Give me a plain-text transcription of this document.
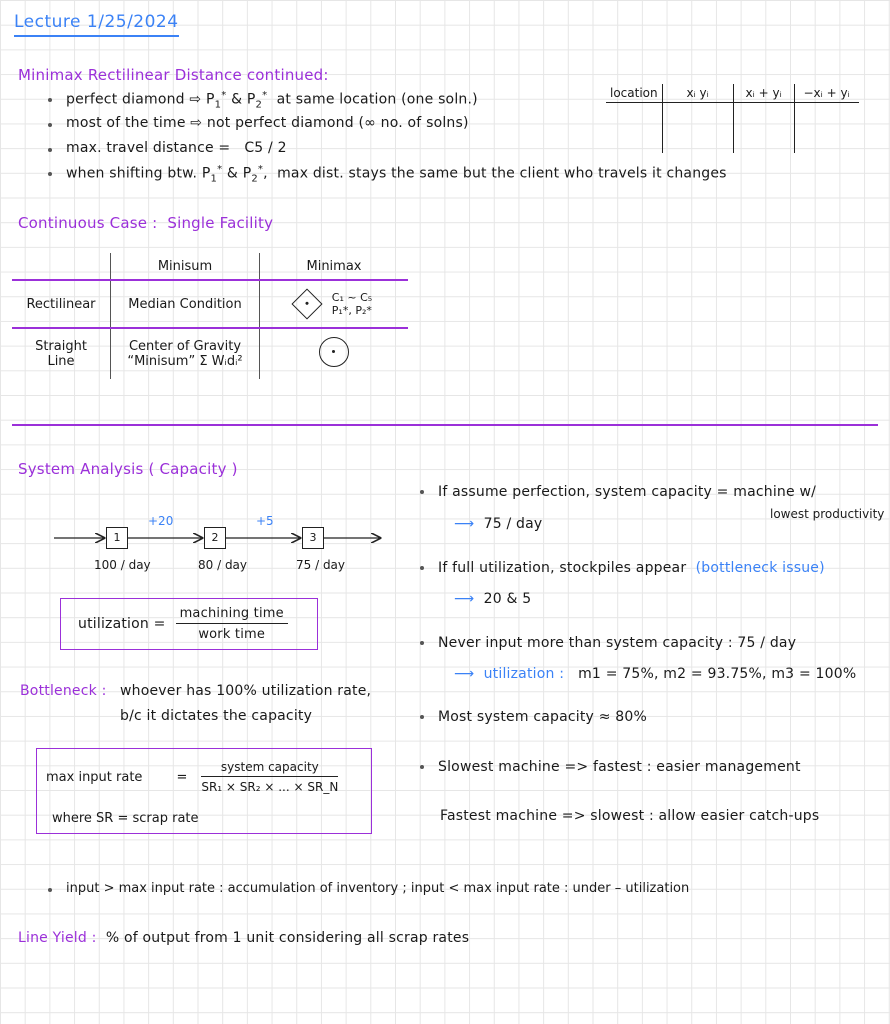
Lecture 1/25/2024
Minimax Rectilinear Distance continued:
perfect diamond ⇨ $P_1^*$ & $P_2^*$ at same location (one soln.)
most of the time ⇨ not perfect diamond (∞ no. of solns)
max. travel distance = C5 / 2
when shifting btw. $P_1^*$ & $P_2^*$, max dist. stays the same but the client who travels it changes
location	xᵢ yᵢ	xᵢ + yᵢ	−xᵢ + yᵢ

Continuous Case : Single Facility
	Minisum	Minimax
Rectilinear	Median Condition	C₁ ~ C₅
P₁*, P₂*

Straight
Line	Center of Gravity
“Minisum” Σ Wᵢdᵢ²	

System Analysis ( Capacity )
1	2	3
+20	+5
100 / day	80 / day	75 / day
utilization = $\frac{\text{machining time}}{\text{work time}}$
Bottleneck : whoever has 100% utilization rate,
b/c it dictates the capacity
max input rate	= $\frac{\text{system capacity}}{\text{SR₁ × SR₂ × ... × SR\_N}}$
where SR = scrap rate
If assume perfection, system capacity = machine w/
lowest productivity
⟶ 75 / day
If full utilization, stockpiles appear (bottleneck issue)
⟶ 20 & 5
Never input more than system capacity : 75 / day
⟶ utilization : m1 = 75%, m2 = 93.75%, m3 = 100%
Most system capacity ≈ 80%
Slowest machine => fastest : easier management
Fastest machine => slowest : allow easier catch-ups
input > max input rate : accumulation of inventory ; input < max input rate : under – utilization
Line Yield : % of output from 1 unit considering all scrap rates
